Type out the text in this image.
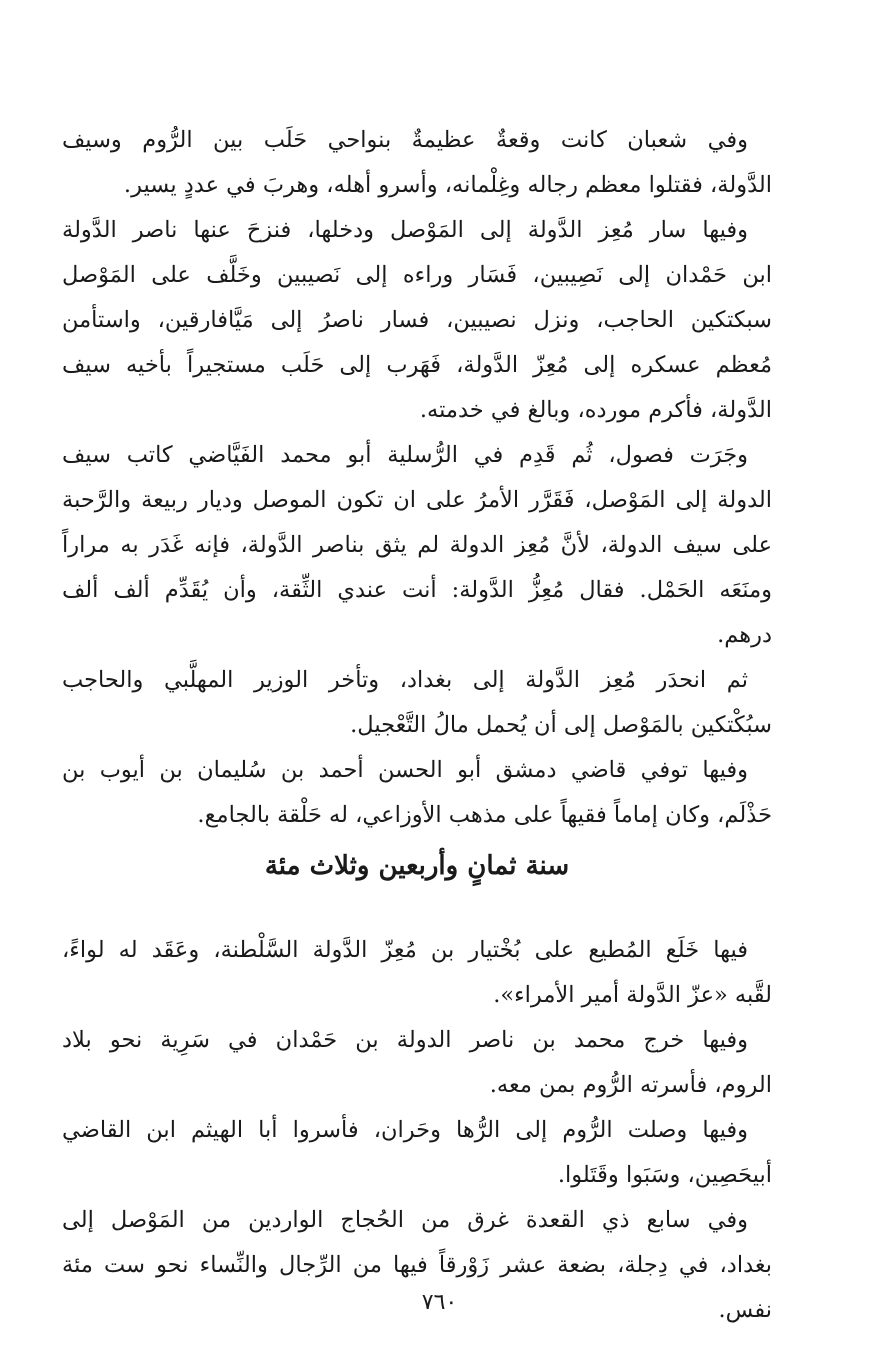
وفي شعبان كانت وقعةٌ عظيمةٌ بنواحي حَلَب بين الرُّوم وسيف
الدَّولة، فقتلوا معظم رجاله وغِلْمانه، وأسرو أهله، وهربَ في عددٍ يسير.
وفيها سار مُعِز الدَّولة إلى المَوْصل ودخلها، فنزحَ عنها ناصر الدَّولة
ابن حَمْدان إلى نَصِيبين، فَسَار وراءه إلى نَصيبين وخَلَّف على المَوْصل
سبكتكين الحاجب، ونزل نصيبين، فسار ناصرُ إلى مَيَّافارقين، واستأمن
مُعظم عسكره إلى مُعِزّ الدَّولة، فَهَرب إلى حَلَب مستجيراً بأخيه سيف
الدَّولة، فأكرم مورده، وبالغ في خدمته.
وجَرَت فصول، ثُم قَدِم في الرُّسلية أبو محمد الفَيَّاضي كاتب سيف
الدولة إلى المَوْصل، فَقَرَّر الأمرُ على ان تكون الموصل وديار ربيعة والرَّحبة
على سيف الدولة، لأنَّ مُعِز الدولة لم يثق بناصر الدَّولة، فإنه غَدَر به مراراً
ومنَعَه الحَمْل. فقال مُعِزُّ الدَّولة: أنت عندي الثِّقة، وأن يُقَدِّم ألف ألف
درهم.
ثم انحدَر مُعِز الدَّولة إلى بغداد، وتأخر الوزير المهلَّبي والحاجب
سبُكْتكين بالمَوْصل إلى أن يُحمل مالُ التَّعْجيل.
وفيها توفي قاضي دمشق أبو الحسن أحمد بن سُليمان بن أيوب بن
حَذْلَم، وكان إماماً فقيهاً على مذهب الأوزاعي، له حَلْقة بالجامع.
سنة ثمانٍ وأربعين وثلاث مئة
فيها خَلَع المُطيع على بُخْتيار بن مُعِزّ الدَّولة السَّلْطنة، وعَقَد له لواءً،
لقَّبه «عزّ الدَّولة أمير الأمراء».
وفيها خرج محمد بن ناصر الدولة بن حَمْدان في سَرِية نحو بلاد
الروم، فأسرته الرُّوم بمن معه.
وفيها وصلت الرُّوم إلى الرُّها وحَران، فأسروا أبا الهيثم ابن القاضي
أبيحَصِين، وسَبَوا وقَتَلوا.
وفي سابع ذي القعدة غرق من الحُجاج الواردين من المَوْصل إلى
بغداد، في دِجلة، بضعة عشر زَوْرقاً فيها من الرِّجال والنِّساء نحو ست مئة
نفس.
٧٦٠
